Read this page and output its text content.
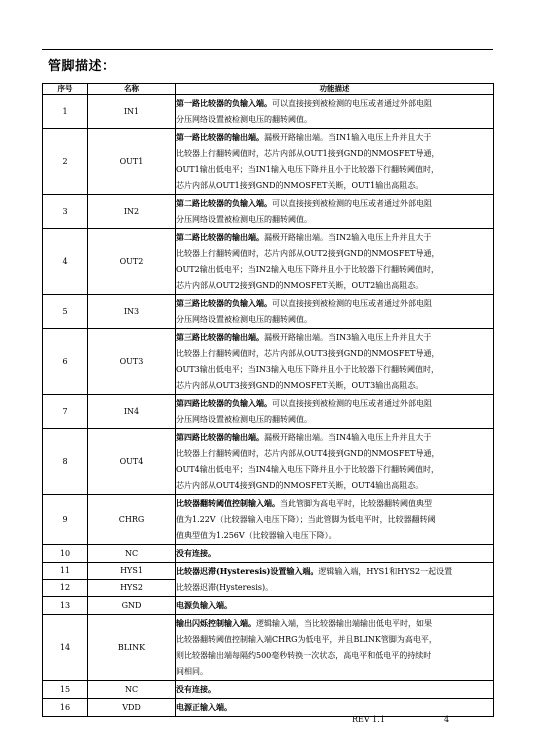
管脚描述：
序号	名称	功能描述
1	IN1	第一路比较器的负输入端。可以直接接到被检测的电压或者通过外部电阻
分压网络设置被检测电压的翻转阈值。
2	OUT1	第一路比较器的输出端。漏极开路输出端。当IN1输入电压上升并且大于
比较器上行翻转阈值时，芯片内部从OUT1接到GND的NMOSFET导通，
OUT1输出低电平；当IN1输入电压下降并且小于比较器下行翻转阈值时，
芯片内部从OUT1接到GND的NMOSFET关断，OUT1输出高阻态。
3	IN2	第二路比较器的负输入端。可以直接接到被检测的电压或者通过外部电阻
分压网络设置被检测电压的翻转阈值。
4	OUT2	第二路比较器的输出端。漏极开路输出端。当IN2输入电压上升并且大于
比较器上行翻转阈值时，芯片内部从OUT2接到GND的NMOSFET导通，
OUT2输出低电平；当IN2输入电压下降并且小于比较器下行翻转阈值时，
芯片内部从OUT2接到GND的NMOSFET关断，OUT2输出高阻态。
5	IN3	第三路比较器的负输入端。可以直接接到被检测的电压或者通过外部电阻
分压网络设置被检测电压的翻转阈值。
6	OUT3	第三路比较器的输出端。漏极开路输出端。当IN3输入电压上升并且大于
比较器上行翻转阈值时，芯片内部从OUT3接到GND的NMOSFET导通，
OUT3输出低电平；当IN3输入电压下降并且小于比较器下行翻转阈值时，
芯片内部从OUT3接到GND的NMOSFET关断，OUT3输出高阻态。
7	IN4	第四路比较器的负输入端。可以直接接到被检测的电压或者通过外部电阻
分压网络设置被检测电压的翻转阈值。
8	OUT4	第四路比较器的输出端。漏极开路输出端。当IN4输入电压上升并且大于
比较器上行翻转阈值时，芯片内部从OUT4接到GND的NMOSFET导通，
OUT4输出低电平；当IN4输入电压下降并且小于比较器下行翻转阈值时，
芯片内部从OUT4接到GND的NMOSFET关断，OUT4输出高阻态。
9	CHRG	比较器翻转阈值控制输入端。当此管脚为高电平时，比较器翻转阈值典型
值为1.22V（比较器输入电压下降）；当此管脚为低电平时，比较器翻转阈
值典型值为1.256V（比较器输入电压下降）。
10	NC	没有连接。
11	HYS1	比较器迟滞(Hysteresis)设置输入端。逻辑输入端，HYS1和HYS2一起设置
比较器迟滞(Hysteresis)。
12	HYS2	
13	GND	电源负输入端。
14	BLINK	输出闪烁控制输入端。逻辑输入端，当比较器输出端输出低电平时，如果
比较器翻转阈值控制输入端CHRG为低电平，并且BLINK管脚为高电平，
则比较器输出端每隔约500毫秒转换一次状态，高电平和低电平的持续时
间相同。
15	NC	没有连接。
16	VDD	电源正输入端。
REV 1.1	4
